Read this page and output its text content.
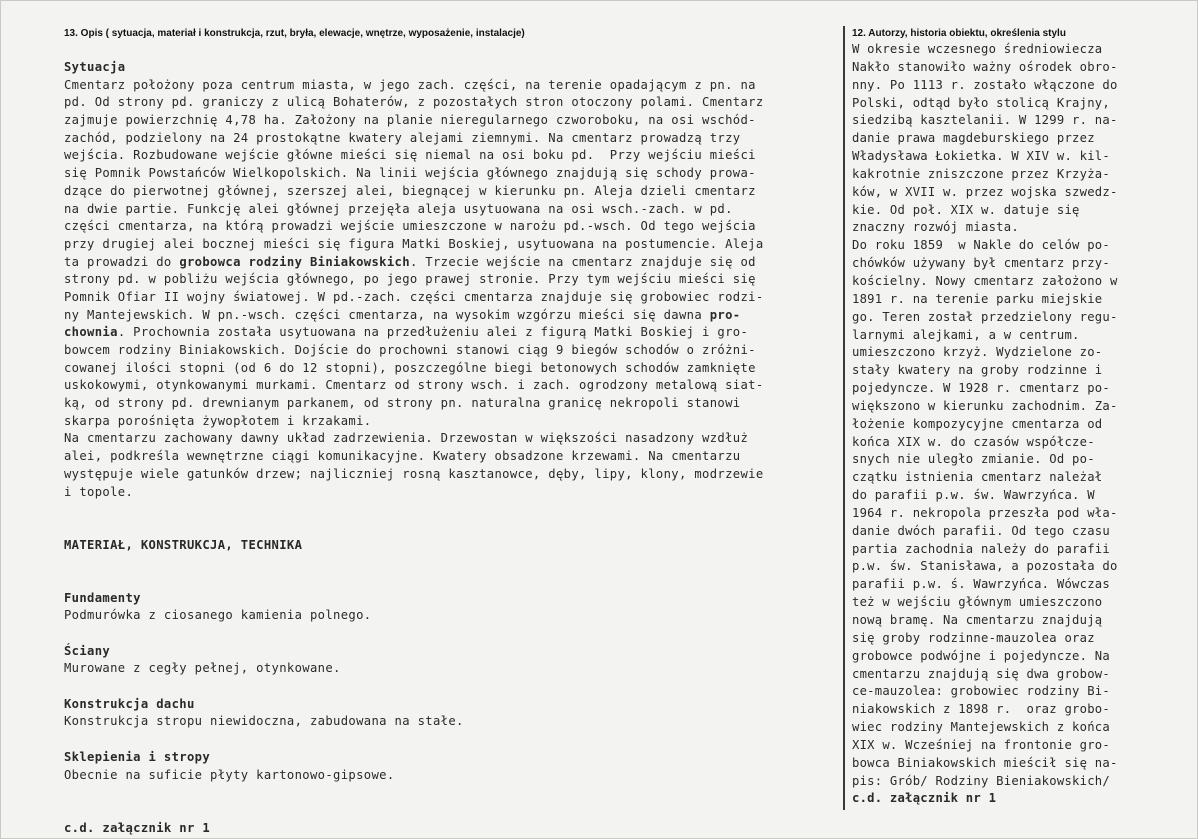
13. Opis ( sytuacja, materiał i konstrukcja, rzut, bryła, elewacje, wnętrze, wyposażenie, instalacje)
Sytuacja
Cmentarz położony poza centrum miasta, w jego zach. części, na terenie opadającym z pn. na
pd. Od strony pd. graniczy z ulicą Bohaterów, z pozostałych stron otoczony polami. Cmentarz
zajmuje powierzchnię 4,78 ha. Założony na planie nieregularnego czworoboku, na osi wschód-
zachód, podzielony na 24 prostokątne kwatery alejami ziemnymi. Na cmentarz prowadzą trzy
wejścia. Rozbudowane wejście główne mieści się niemal na osi boku pd.  Przy wejściu mieści
się Pomnik Powstańców Wielkopolskich. Na linii wejścia głównego znajdują się schody prowa-
dzące do pierwotnej głównej, szerszej alei, biegnącej w kierunku pn. Aleja dzieli cmentarz
na dwie partie. Funkcję alei głównej przejęła aleja usytuowana na osi wsch.-zach. w pd.
części cmentarza, na którą prowadzi wejście umieszczone w narożu pd.-wsch. Od tego wejścia
przy drugiej alei bocznej mieści się figura Matki Boskiej, usytuowana na postumencie. Aleja
ta prowadzi do grobowca rodziny Biniakowskich. Trzecie wejście na cmentarz znajduje się od
strony pd. w pobliżu wejścia głównego, po jego prawej stronie. Przy tym wejściu mieści się
Pomnik Ofiar II wojny światowej. W pd.-zach. części cmentarza znajduje się grobowiec rodzi-
ny Mantejewskich. W pn.-wsch. części cmentarza, na wysokim wzgórzu mieści się dawna pro-
chownia. Prochownia została usytuowana na przedłużeniu alei z figurą Matki Boskiej i gro-
bowcem rodziny Biniakowskich. Dojście do prochowni stanowi ciąg 9 biegów schodów o zróżni-
cowanej ilości stopni (od 6 do 12 stopni), poszczególne biegi betonowych schodów zamknięte
uskokowymi, otynkowanymi murkami. Cmentarz od strony wsch. i zach. ogrodzony metalową siat-
ką, od strony pd. drewnianym parkanem, od strony pn. naturalna granicę nekropoli stanowi
skarpa porośnięta żywopłotem i krzakami.
Na cmentarzu zachowany dawny układ zadrzewienia. Drzewostan w większości nasadzony wzdłuż
alei, podkreśla wewnętrzne ciągi komunikacyjne. Kwatery obsadzone krzewami. Na cmentarzu
występuje wiele gatunków drzew; najliczniej rosną kasztanowce, dęby, lipy, klony, modrzewie
i topole.
MATERIAŁ, KONSTRUKCJA, TECHNIKA
Fundamenty
Podmurówka z ciosanego kamienia polnego.
Ściany
Murowane z cegły pełnej, otynkowane.
Konstrukcja dachu
Konstrukcja stropu niewidoczna, zabudowana na stałe.
Sklepienia i stropy
Obecnie na suficie płyty kartonowo-gipsowe.
c.d. załącznik nr 1
12. Autorzy, historia obiektu, określenia stylu
W okresie wczesnego średniowiecza
Nakło stanowiło ważny ośrodek obro-
nny. Po 1113 r. zostało włączone do
Polski, odtąd było stolicą Krajny,
siedzibą kasztelanii. W 1299 r. na-
danie prawa magdeburskiego przez
Władysława Łokietka. W XIV w. kil-
kakrotnie zniszczone przez Krzyża-
ków, w XVII w. przez wojska szwedz-
kie. Od poł. XIX w. datuje się
znaczny rozwój miasta.
Do roku 1859  w Nakle do celów po-
chówków używany był cmentarz przy-
kościelny. Nowy cmentarz założono w
1891 r. na terenie parku miejskie
go. Teren został przedzielony regu-
larnymi alejkami, a w centrum.
umieszczono krzyż. Wydzielone zo-
stały kwatery na groby rodzinne i
pojedyncze. W 1928 r. cmentarz po-
większono w kierunku zachodnim. Za-
łożenie kompozycyjne cmentarza od
końca XIX w. do czasów współcze-
snych nie uległo zmianie. Od po-
czątku istnienia cmentarz należał
do parafii p.w. św. Wawrzyńca. W
1964 r. nekropola przeszła pod wła-
danie dwóch parafii. Od tego czasu
partia zachodnia należy do parafii
p.w. św. Stanisława, a pozostała do
parafii p.w. ś. Wawrzyńca. Wówczas
też w wejściu głównym umieszczono
nową bramę. Na cmentarzu znajdują
się groby rodzinne-mauzolea oraz
grobowce podwójne i pojedyncze. Na
cmentarzu znajdują się dwa grobow-
ce-mauzolea: grobowiec rodziny Bi-
niakowskich z 1898 r.  oraz grobo-
wiec rodziny Mantejewskich z końca
XIX w. Wcześniej na frontonie gro-
bowca Biniakowskich mieścił się na-
pis: Grób/ Rodziny Bieniakowskich/
c.d. załącznik nr 1
